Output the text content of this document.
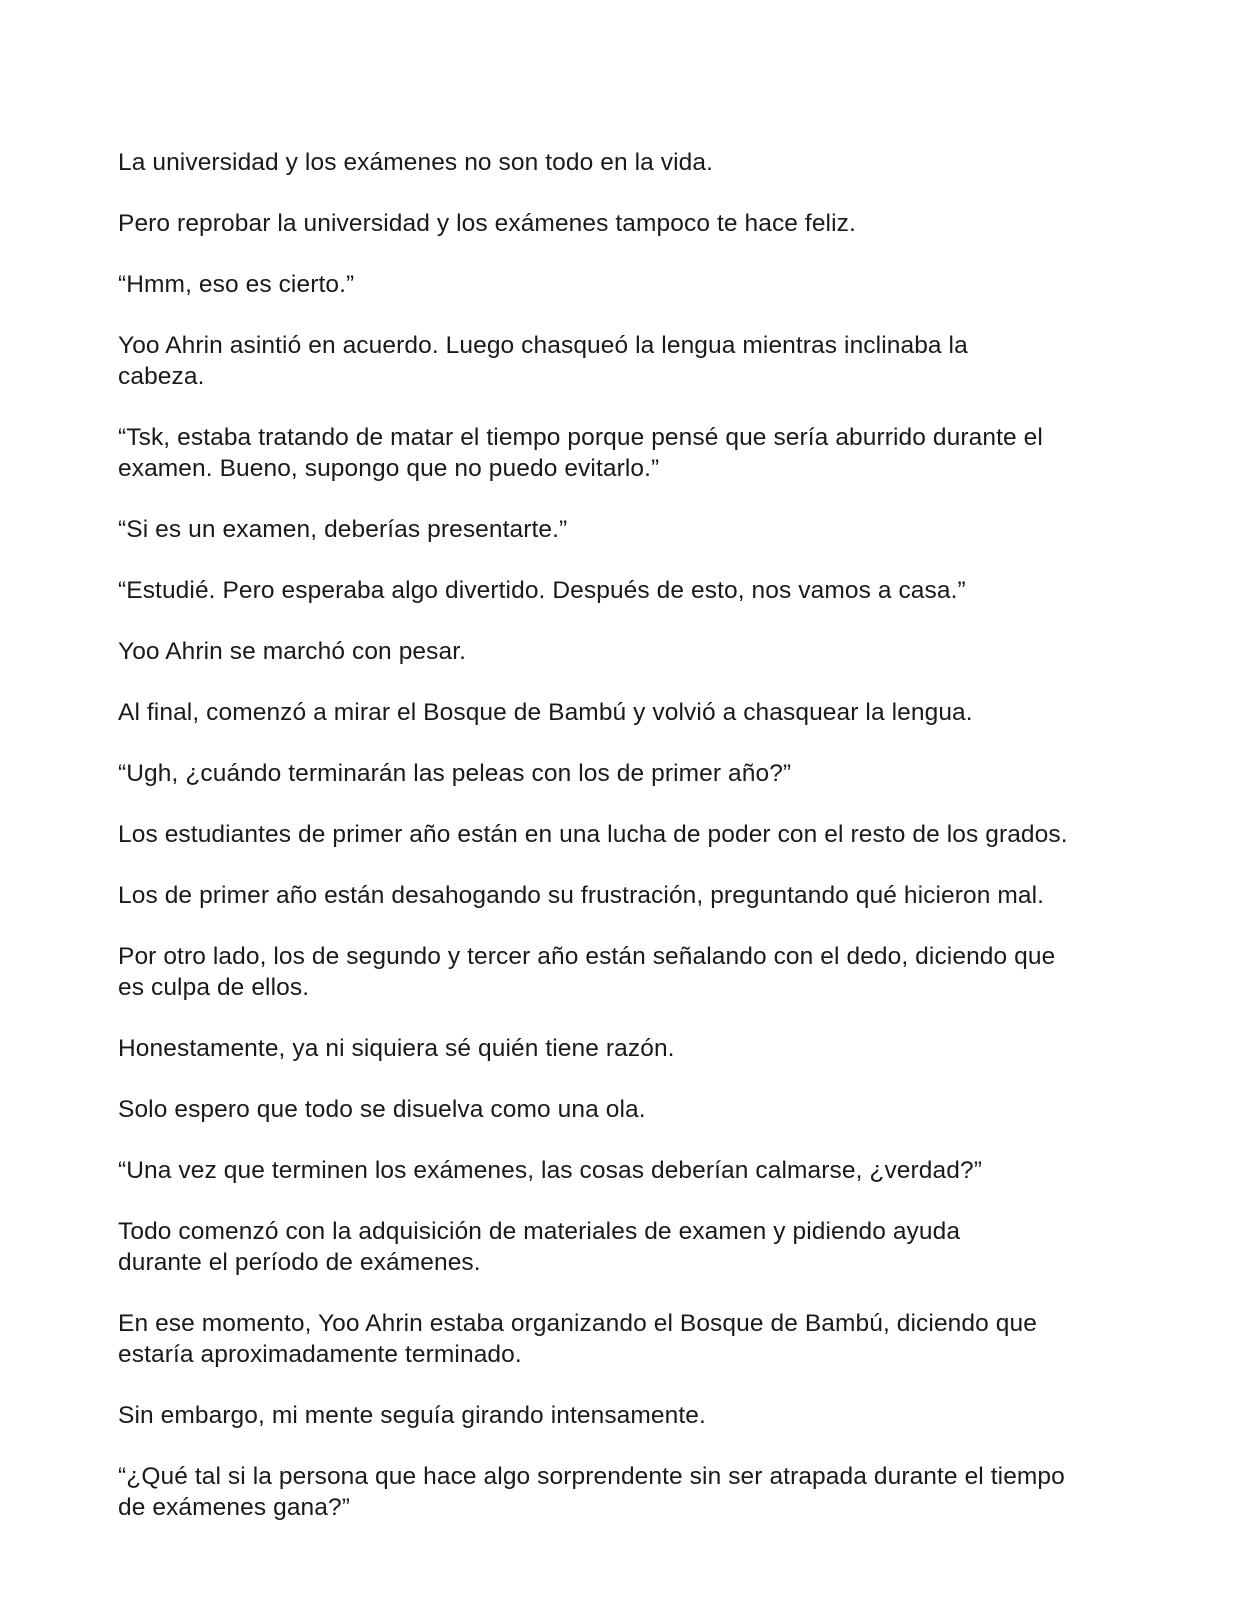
La universidad y los exámenes no son todo en la vida.

Pero reprobar la universidad y los exámenes tampoco te hace feliz.

“Hmm, eso es cierto.”

Yoo Ahrin asintió en acuerdo. Luego chasqueó la lengua mientras inclinaba la cabeza.

“Tsk, estaba tratando de matar el tiempo porque pensé que sería aburrido durante el examen. Bueno, supongo que no puedo evitarlo.”

“Si es un examen, deberías presentarte.”

“Estudié. Pero esperaba algo divertido. Después de esto, nos vamos a casa.”

Yoo Ahrin se marchó con pesar.

Al final, comenzó a mirar el Bosque de Bambú y volvió a chasquear la lengua.

“Ugh, ¿cuándo terminarán las peleas con los de primer año?”

Los estudiantes de primer año están en una lucha de poder con el resto de los grados.

Los de primer año están desahogando su frustración, preguntando qué hicieron mal.

Por otro lado, los de segundo y tercer año están señalando con el dedo, diciendo que es culpa de ellos.

Honestamente, ya ni siquiera sé quién tiene razón.

Solo espero que todo se disuelva como una ola.

“Una vez que terminen los exámenes, las cosas deberían calmarse, ¿verdad?”

Todo comenzó con la adquisición de materiales de examen y pidiendo ayuda durante el período de exámenes.

En ese momento, Yoo Ahrin estaba organizando el Bosque de Bambú, diciendo que estaría aproximadamente terminado.

Sin embargo, mi mente seguía girando intensamente.

“¿Qué tal si la persona que hace algo sorprendente sin ser atrapada durante el tiempo de exámenes gana?”
